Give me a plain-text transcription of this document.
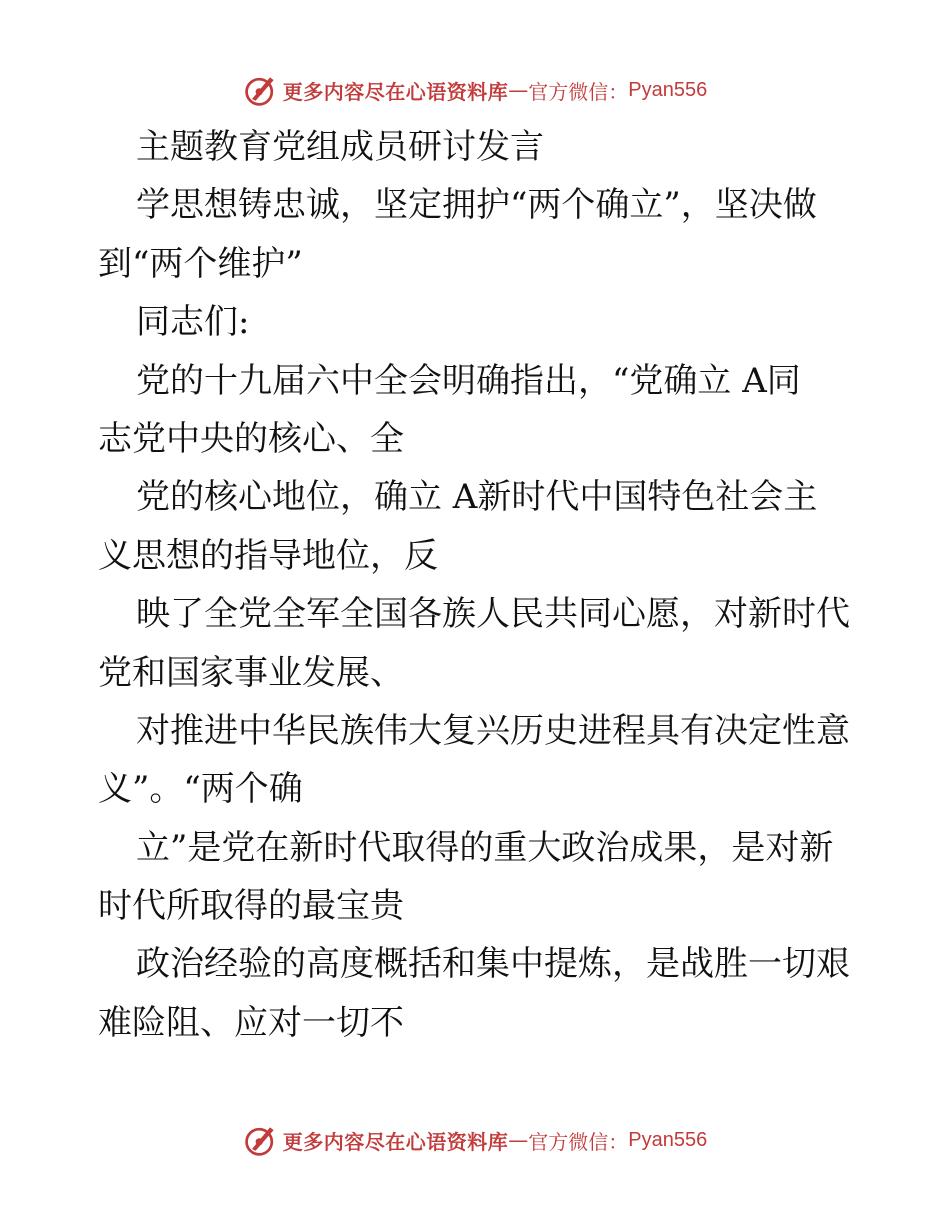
更多内容尽在心语资料库 — 官方微信： Pyan556
主题教育党组成员研讨发言
学思想铸忠诚，坚定拥护“两个确立”，坚决做
到“两个维护”
同志们:
党的十九届六中全会明确指出，“党确立 A同
志党中央的核心、全
党的核心地位，确立 A新时代中国特色社会主
义思想的指导地位，反
映了全党全军全国各族人民共同心愿，对新时代
党和国家事业发展、
对推进中华民族伟大复兴历史进程具有决定性意
义”。“两个确
立”是党在新时代取得的重大政治成果，是对新
时代所取得的最宝贵
政治经验的高度概括和集中提炼，是战胜一切艰
难险阻、应对一切不
更多内容尽在心语资料库 — 官方微信： Pyan556
